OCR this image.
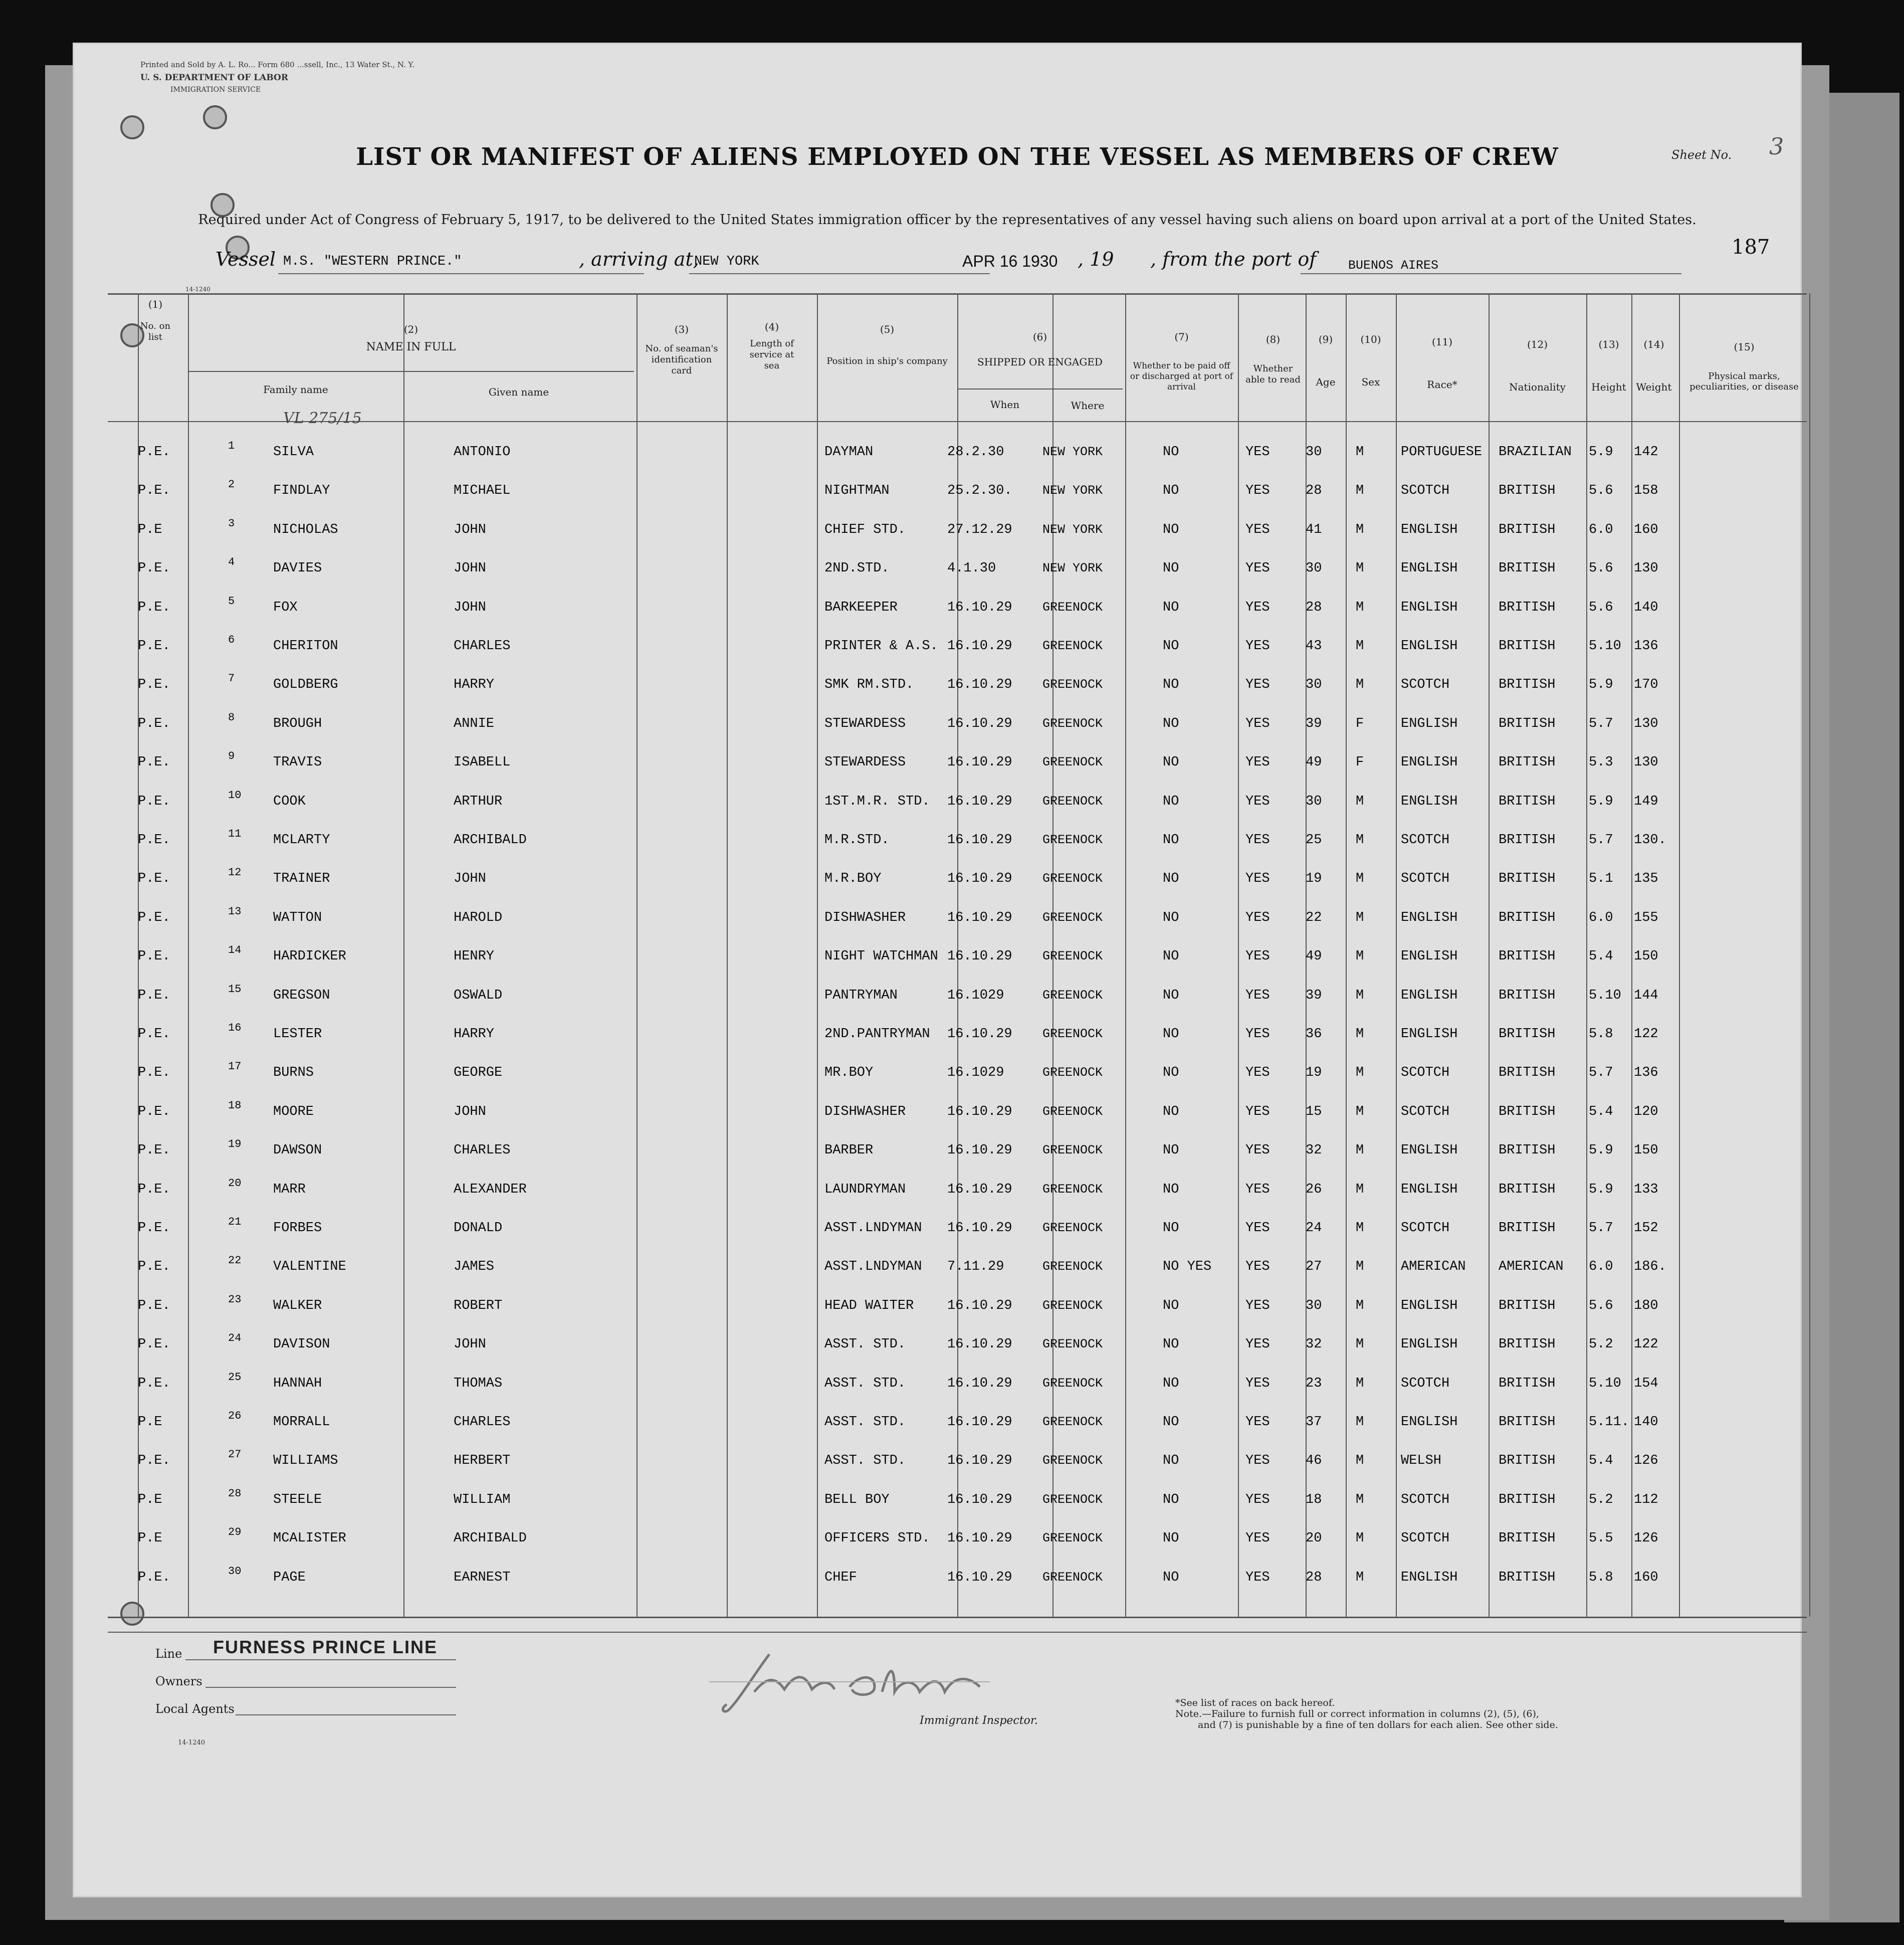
Printed and Sold by A. L. Ro... Form 680 ...ssell, Inc., 13 Water St., N. Y.
U. S. DEPARTMENT OF LABOR
IMMIGRATION SERVICE
Sheet No. 3
LIST OR MANIFEST OF ALIENS EMPLOYED ON THE VESSEL AS MEMBERS OF CREW
Required under Act of Congress of February 5, 1917, to be delivered to the United States immigration officer by the representatives of any vessel having such aliens on board upon arrival at a port of the United States.
Vessel M.S. "WESTERN PRINCE."	, arriving at,
NEW YORK	APR 16 1930 , 19 , from the port of	BUENOS AIRES
187
14-1240
(1)
No. on list
(2)
NAME IN FULL
Family name	Given name
(3)
No. of seaman's identification card
(4)
Length of service at sea
(5)
Position in ship's company
(6)
SHIPPED OR ENGAGED
When	Where
(7)
Whether to be paid off or discharged at port of arrival
(8)
Whether able to read
(9)
Age
(10)
Sex
(11)
Race*
(12)
Nationality
(13)
Height
(14)
Weight
(15)
Physical marks, peculiarities, or disease
VL 275/15
P.E.	1	SILVA	ANTONIO	DAYMAN	28.2.30	NEW YORK	NO	YES	30	M	PORTUGUESE BRAZILIAN 5.9 142
P.E.	2	FINDLAY	MICHAEL	NIGHTMAN	25.2.30. NEW YORK	NO	YES	28	M	SCOTCH	BRITISH 5.6 158
P.E	3	NICHOLAS	JOHN	CHIEF STD.	27.12.29 NEW YORK	NO	YES	41	M	ENGLISH	BRITISH 6.0 160
P.E.	4	DAVIES	JOHN	2ND.STD.	4.1.30	NEW YORK	NO	YES	30	M	ENGLISH	BRITISH 5.6 130
P.E.	5	FOX	JOHN	BARKEEPER	16.10.29 GREENOCK	NO	YES	28	M	ENGLISH	BRITISH 5.6 140
P.E.	6	CHERITON	CHARLES	PRINTER & A.S. 16.10.29 GREENOCK	NO	YES	43	M	ENGLISH	BRITISH 5.10 136
P.E.	7	GOLDBERG	HARRY	SMK RM.STD. 16.10.29 GREENOCK	NO	YES	30	M	SCOTCH	BRITISH 5.9 170
P.E.	8	BROUGH	ANNIE	STEWARDESS	16.10.29 GREENOCK	NO	YES	39	F	ENGLISH	BRITISH 5.7 130
P.E.	9	TRAVIS	ISABELL	STEWARDESS	16.10.29 GREENOCK	NO	YES	49	F	ENGLISH	BRITISH 5.3 130
P.E.	10 COOK	ARTHUR	1ST.M.R. STD. 16.10.29 GREENOCK	NO	YES	30	M	ENGLISH	BRITISH 5.9 149
P.E.	11 MCLARTY	ARCHIBALD	M.R.STD.	16.10.29 GREENOCK	NO	YES	25	M	SCOTCH	BRITISH 5.7 130.
P.E.	12 TRAINER	JOHN	M.R.BOY	16.10.29 GREENOCK	NO	YES	19	M	SCOTCH	BRITISH 5.1 135
P.E.	13 WATTON	HAROLD	DISHWASHER	16.10.29 GREENOCK	NO	YES	22	M	ENGLISH	BRITISH 6.0 155
P.E.	14 HARDICKER	HENRY	NIGHT WATCHMAN 16.10.29 GREENOCK	NO	YES	49	M	ENGLISH	BRITISH 5.4 150
P.E.	15 GREGSON	OSWALD	PANTRYMAN	16.1029	GREENOCK	NO	YES	39	M	ENGLISH	BRITISH 5.10 144
P.E.	16 LESTER	HARRY	2ND.PANTRYMAN 16.10.29 GREENOCK	NO	YES	36	M	ENGLISH	BRITISH 5.8 122
P.E.	17 BURNS	GEORGE	MR.BOY	16.1029	GREENOCK	NO	YES	19	M	SCOTCH	BRITISH 5.7 136
P.E.	18 MOORE	JOHN	DISHWASHER	16.10.29 GREENOCK	NO	YES	15	M	SCOTCH	BRITISH 5.4 120
P.E.	19 DAWSON	CHARLES	BARBER	16.10.29 GREENOCK	NO	YES	32	M	ENGLISH	BRITISH 5.9 150
P.E.	20 MARR	ALEXANDER	LAUNDRYMAN	16.10.29 GREENOCK	NO	YES	26	M	ENGLISH	BRITISH 5.9 133
P.E.	21 FORBES	DONALD	ASST.LNDYMAN 16.10.29 GREENOCK	NO	YES	24	M	SCOTCH	BRITISH 5.7 152
P.E.	22 VALENTINE	JAMES	ASST.LNDYMAN 7.11.29	GREENOCK	NO YES	YES	27	M	AMERICAN AMERICAN 6.0 186.
P.E.	23 WALKER	ROBERT	HEAD WAITER 16.10.29 GREENOCK	NO	YES	30	M	ENGLISH	BRITISH 5.6 180
P.E.	24 DAVISON	JOHN	ASST. STD.	16.10.29 GREENOCK	NO	YES	32	M	ENGLISH	BRITISH 5.2 122
P.E.	25 HANNAH	THOMAS	ASST. STD.	16.10.29 GREENOCK	NO	YES	23	M	SCOTCH	BRITISH 5.10 154
P.E	26 MORRALL	CHARLES	ASST. STD.	16.10.29 GREENOCK	NO	YES	37	M	ENGLISH	BRITISH 5.11. 140
P.E.	27 WILLIAMS	HERBERT	ASST. STD.	16.10.29 GREENOCK	NO	YES	46	M	WELSH	BRITISH 5.4 126
P.E	28 STEELE	WILLIAM	BELL BOY	16.10.29 GREENOCK	NO	YES	18	M	SCOTCH	BRITISH 5.2 112
P.E	29 MCALISTER	ARCHIBALD	OFFICERS STD. 16.10.29 GREENOCK	NO	YES	20	M	SCOTCH	BRITISH 5.5 126
P.E.	30 PAGE	EARNEST	CHEF	16.10.29 GREENOCK	NO	YES	28	M	ENGLISH	BRITISH 5.8 160
Line FURNESS PRINCE LINE
Owners
Local Agents
14-1240
Immigrant Inspector.
*See list of races on back hereof.
Note.—Failure to furnish full or correct information in columns (2), (5), (6),
and (7) is punishable by a fine of ten dollars for each alien. See other side.
